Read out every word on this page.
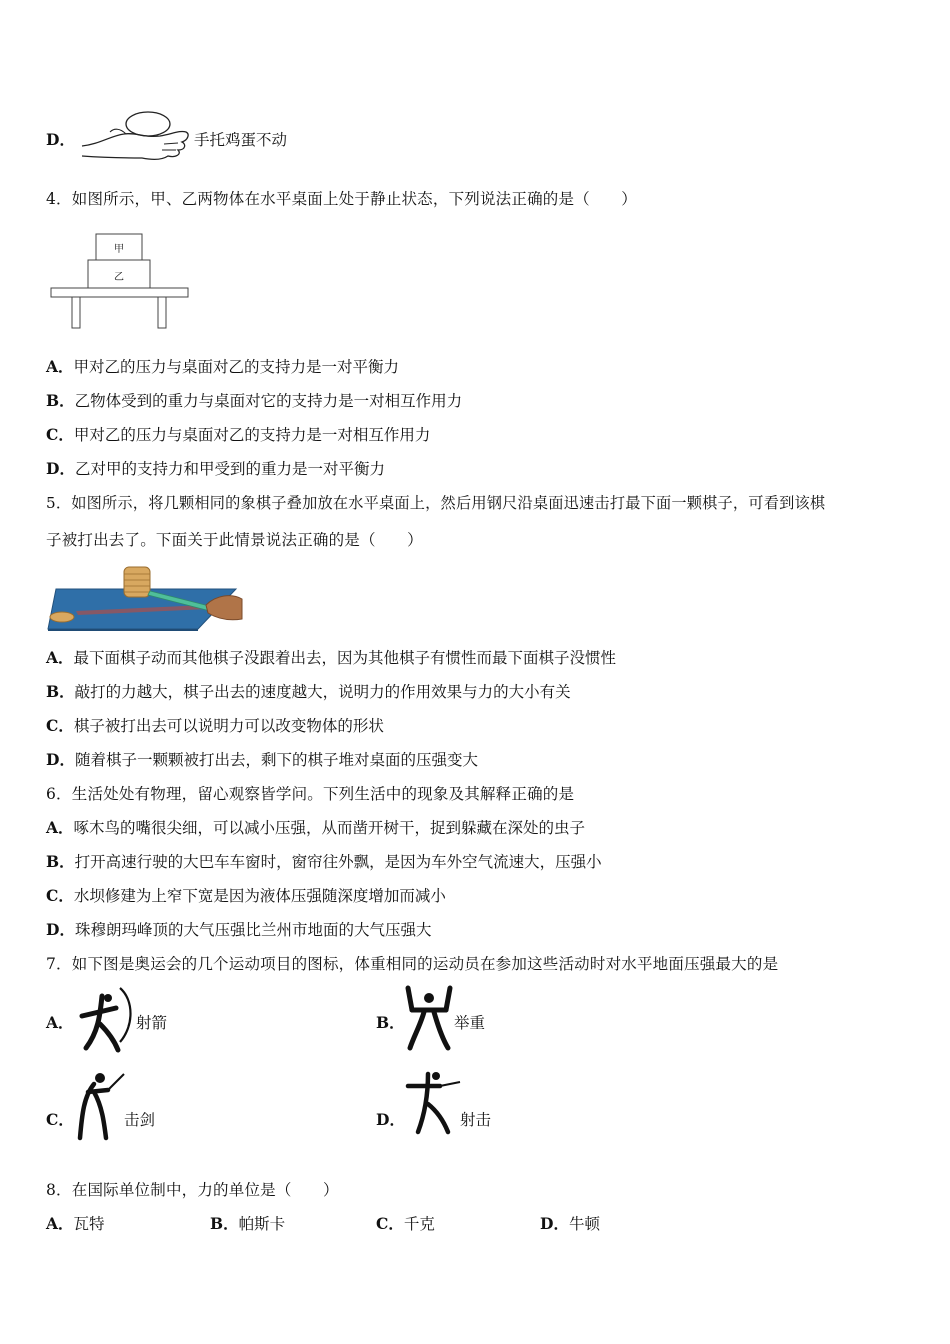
D．	手托鸡蛋不动
4．如图所示，甲、乙两物体在水平桌面上处于静止状态，下列说法正确的是（　　）
甲
乙
A．甲对乙的压力与桌面对乙的支持力是一对平衡力
B．乙物体受到的重力与桌面对它的支持力是一对相互作用力
C．甲对乙的压力与桌面对乙的支持力是一对相互作用力
D．乙对甲的支持力和甲受到的重力是一对平衡力
5．如图所示，将几颗相同的象棋子叠加放在水平桌面上，然后用钢尺沿桌面迅速击打最下面一颗棋子，可看到该棋
子被打出去了。下面关于此情景说法正确的是（　　）
A．最下面棋子动而其他棋子没跟着出去，因为其他棋子有惯性而最下面棋子没惯性
B．敲打的力越大，棋子出去的速度越大，说明力的作用效果与力的大小有关
C．棋子被打出去可以说明力可以改变物体的形状
D．随着棋子一颗颗被打出去，剩下的棋子堆对桌面的压强变大
6．生活处处有物理，留心观察皆学问。下列生活中的现象及其解释正确的是
A．啄木鸟的嘴很尖细，可以减小压强，从而凿开树干，捉到躲藏在深处的虫子
B．打开高速行驶的大巴车车窗时，窗帘往外飘，是因为车外空气流速大，压强小
C．水坝修建为上窄下宽是因为液体压强随深度增加而减小
D．珠穆朗玛峰顶的大气压强比兰州市地面的大气压强大
7．如下图是奥运会的几个运动项目的图标，体重相同的运动员在参加这些活动时对水平地面压强最大的是
A．	射箭	B．	举重
C．	击剑	D．	射击
8．在国际单位制中，力的单位是（　　）
A．瓦特	B．帕斯卡	C．千克	D．牛顿
